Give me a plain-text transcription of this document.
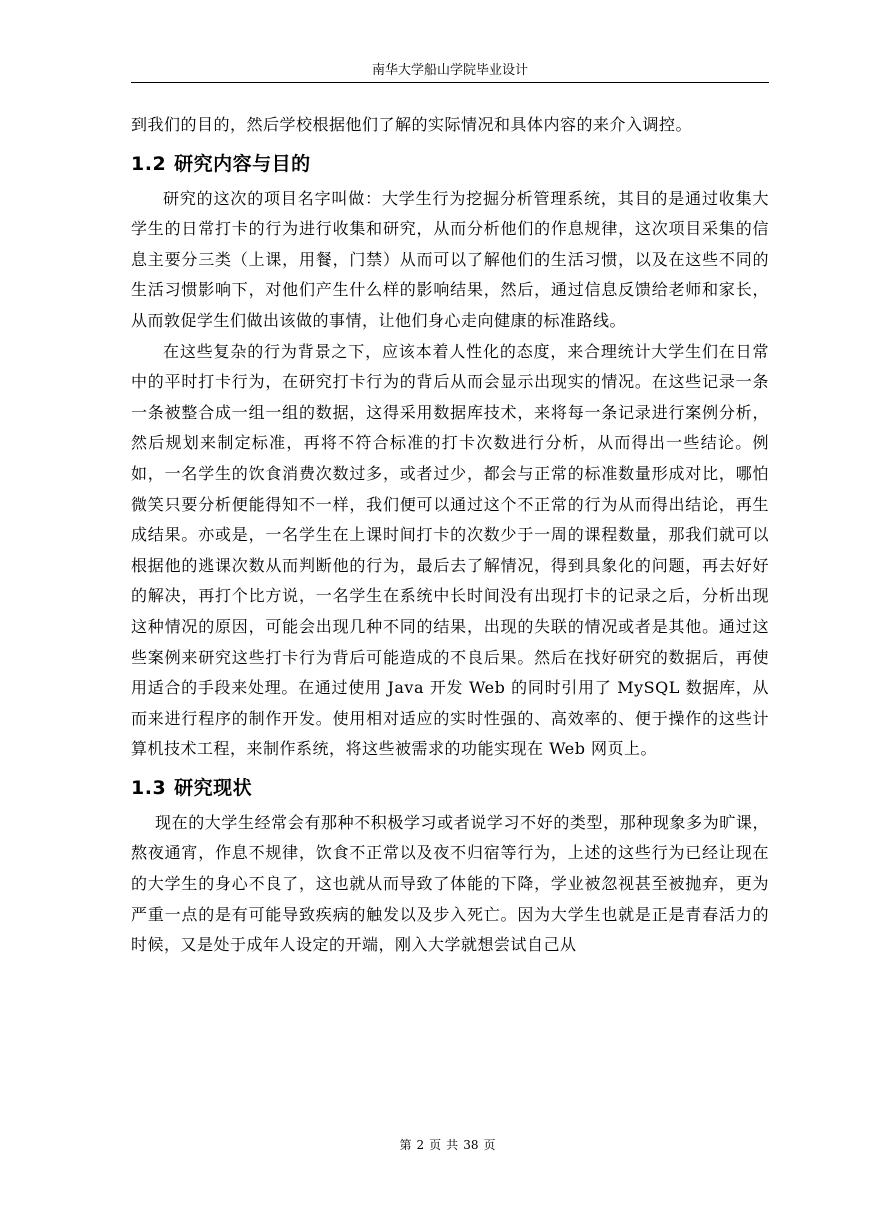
南华大学船山学院毕业设计

到我们的目的，然后学校根据他们了解的实际情况和具体内容的来介入调控。

1.2 研究内容与目的

研究的这次的项目名字叫做：大学生行为挖掘分析管理系统，其目的是通过收集大学生的日常打卡的行为进行收集和研究，从而分析他们的作息规律，这次项目采集的信息主要分三类（上课，用餐，门禁）从而可以了解他们的生活习惯，以及在这些不同的生活习惯影响下，对他们产生什么样的影响结果，然后，通过信息反馈给老师和家长，从而敦促学生们做出该做的事情，让他们身心走向健康的标准路线。

在这些复杂的行为背景之下，应该本着人性化的态度，来合理统计大学生们在日常中的平时打卡行为，在研究打卡行为的背后从而会显示出现实的情况。在这些记录一条一条被整合成一组一组的数据，这得采用数据库技术，来将每一条记录进行案例分析，然后规划来制定标准，再将不符合标准的打卡次数进行分析，从而得出一些结论。例如，一名学生的饮食消费次数过多，或者过少，都会与正常的标准数量形成对比，哪怕微笑只要分析便能得知不一样，我们便可以通过这个不正常的行为从而得出结论，再生成结果。亦或是，一名学生在上课时间打卡的次数少于一周的课程数量，那我们就可以根据他的逃课次数从而判断他的行为，最后去了解情况，得到具象化的问题，再去好好的解决，再打个比方说，一名学生在系统中长时间没有出现打卡的记录之后，分析出现这种情况的原因，可能会出现几种不同的结果，出现的失联的情况或者是其他。通过这些案例来研究这些打卡行为背后可能造成的不良后果。然后在找好研究的数据后，再使用适合的手段来处理。在通过使用 Java 开发 Web 的同时引用了 MySQL 数据库，从而来进行程序的制作开发。使用相对适应的实时性强的、高效率的、便于操作的这些计算机技术工程，来制作系统，将这些被需求的功能实现在 Web 网页上。

1.3 研究现状

现在的大学生经常会有那种不积极学习或者说学习不好的类型，那种现象多为旷课，熬夜通宵，作息不规律，饮食不正常以及夜不归宿等行为，上述的这些行为已经让现在的大学生的身心不良了，这也就从而导致了体能的下降，学业被忽视甚至被抛弃，更为严重一点的是有可能导致疾病的触发以及步入死亡。因为大学生也就是正是青春活力的时候，又是处于成年人设定的开端，刚入大学就想尝试自己从

第 2 页 共 38 页
